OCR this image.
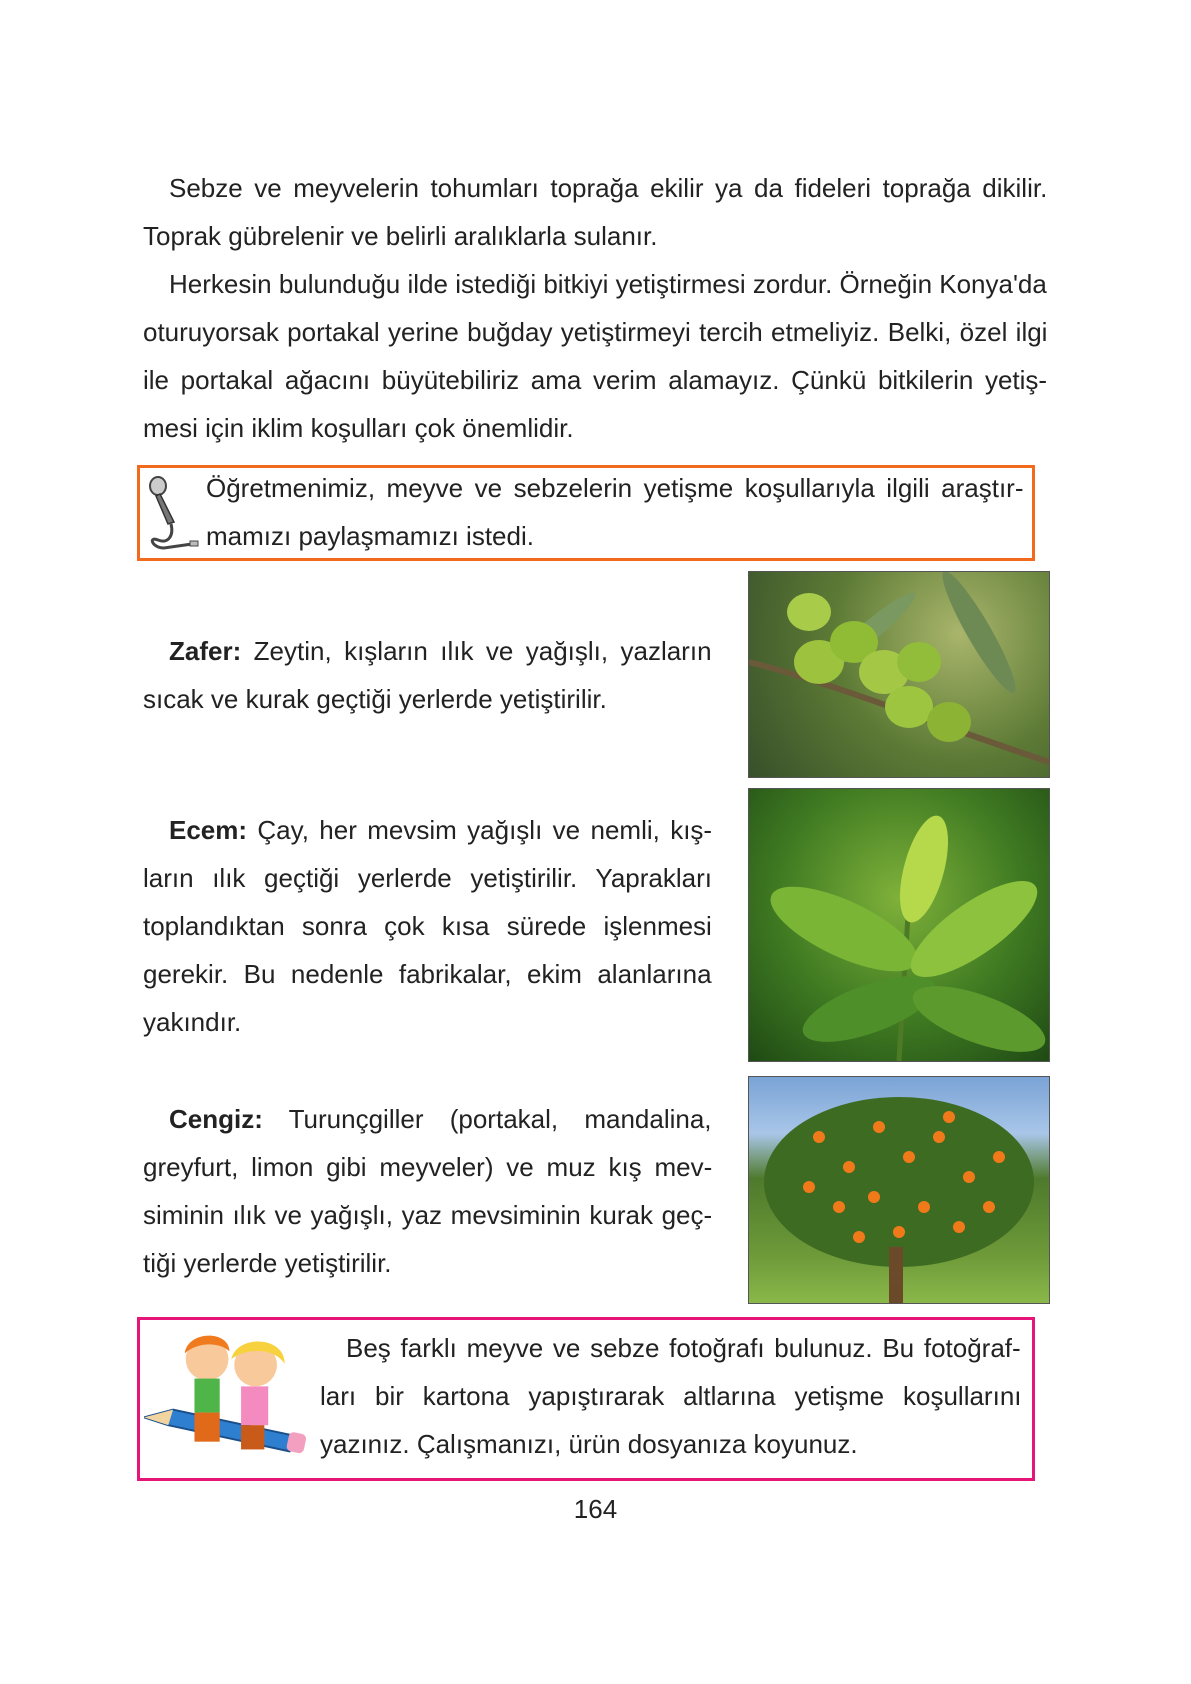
Sebze ve meyvelerin tohumları toprağa ekilir ya da fideleri toprağa dikilir.
Toprak gübrelenir ve belirli aralıklarla sulanır.
Herkesin bulunduğu ilde istediği bitkiyi yetiştirmesi zordur. Örneğin Konya'da
oturuyorsak portakal yerine buğday yetiştirmeyi tercih etmeliyiz. Belki, özel ilgi
ile portakal ağacını büyütebiliriz ama verim alamayız. Çünkü bitkilerin yetiş-
mesi için iklim koşulları çok önemlidir.
Öğretmenimiz, meyve ve sebzelerin yetişme koşullarıyla ilgili araştır-
mamızı paylaşmamızı istedi.
Zafer: Zeytin, kışların ılık ve yağışlı, yazların
sıcak ve kurak geçtiği yerlerde yetiştirilir.
Ecem: Çay, her mevsim yağışlı ve nemli, kış-
ların ılık geçtiği yerlerde yetiştirilir. Yaprakları
toplandıktan sonra çok kısa sürede işlenmesi
gerekir. Bu nedenle fabrikalar, ekim alanlarına
yakındır.
Cengiz: Turunçgiller (portakal, mandalina,
greyfurt, limon gibi meyveler) ve muz kış mev-
siminin ılık ve yağışlı, yaz mevsiminin kurak geç-
tiği yerlerde yetiştirilir.
Beş farklı meyve ve sebze fotoğrafı bulunuz. Bu fotoğraf-
ları bir kartona yapıştırarak altlarına yetişme koşullarını
yazınız. Çalışmanızı, ürün dosyanıza koyunuz.
164
